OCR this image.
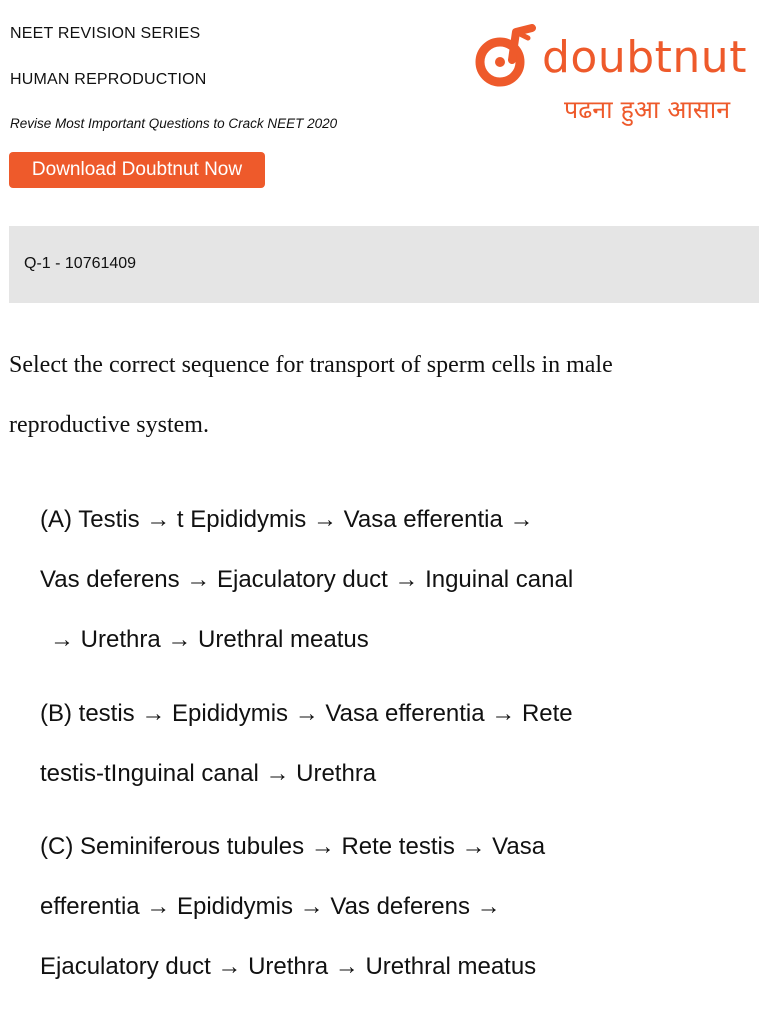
NEET REVISION SERIES
HUMAN REPRODUCTION
Revise Most Important Questions to Crack NEET 2020
Download Doubtnut Now
doubtnut
पढना हुआ आसान
Q-1 - 10761409
Select the correct sequence for transport of sperm cells in male
reproductive system.
(A) Testis → t Epididymis → Vasa efferentia →
Vas deferens → Ejaculatory duct → Inguinal canal
→ Urethra → Urethral meatus
(B) testis → Epididymis → Vasa efferentia → Rete
testis-tInguinal canal → Urethra
(C) Seminiferous tubules → Rete testis → Vasa
efferentia → Epididymis → Vas deferens →
Ejaculatory duct → Urethra → Urethral meatus
